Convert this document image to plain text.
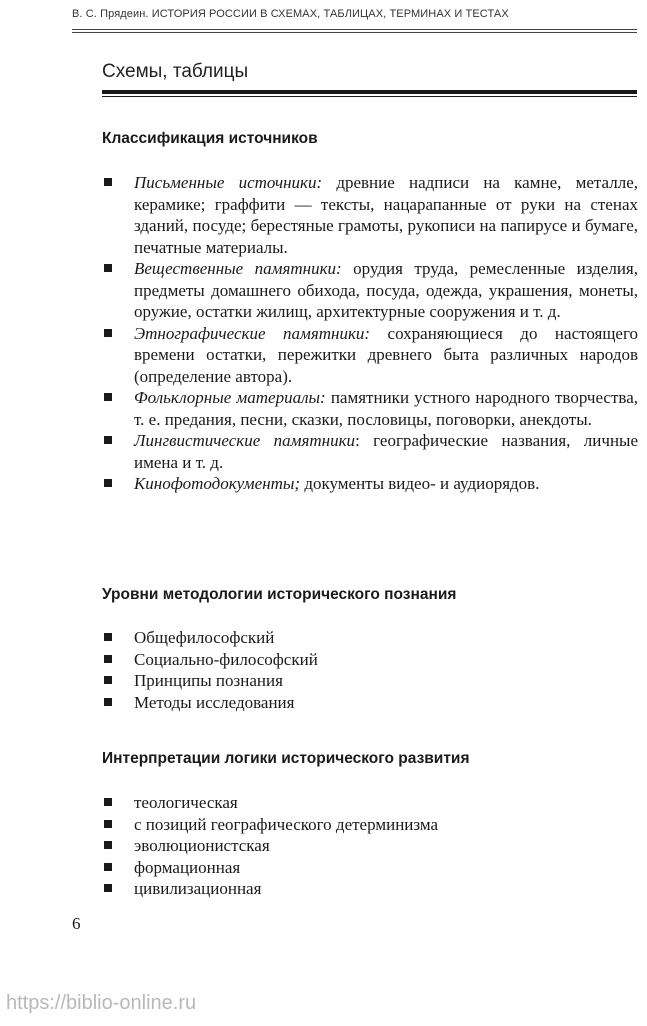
В. С. Прядеин. ИСТОРИЯ РОССИИ В СХЕМАХ, ТАБЛИЦАХ, ТЕРМИНАХ И ТЕСТАХ
Схемы, таблицы
Классификация источников
Письменные источники: древние надписи на камне, металле, керамике; граффити — тексты, нацарапанные от руки на стенах зданий, посуде; берестяные грамоты, рукописи на папирусе и бумаге, печатные материалы.
Вещественные памятники: орудия труда, ремесленные изделия, предметы домашнего обихода, посуда, одежда, украшения, монеты, оружие, остатки жилищ, архитектурные сооружения и т. д.
Этнографические памятники: сохраняющиеся до настоящего времени остатки, пережитки древнего быта различных народов (определение автора).
Фольклорные материалы: памятники устного народного творчества, т. е. предания, песни, сказки, пословицы, поговорки, анекдоты.
Лингвистические памятники: географические названия, личные имена и т. д.
Кинофотодокументы; документы видео- и аудиорядов.
Уровни методологии исторического познания
Общефилософский
Социально-философский
Принципы познания
Методы исследования
Интерпретации логики исторического развития
теологическая
с позиций географического детерминизма
эволюционистская
формационная
цивилизационная
6
https://biblio-online.ru
